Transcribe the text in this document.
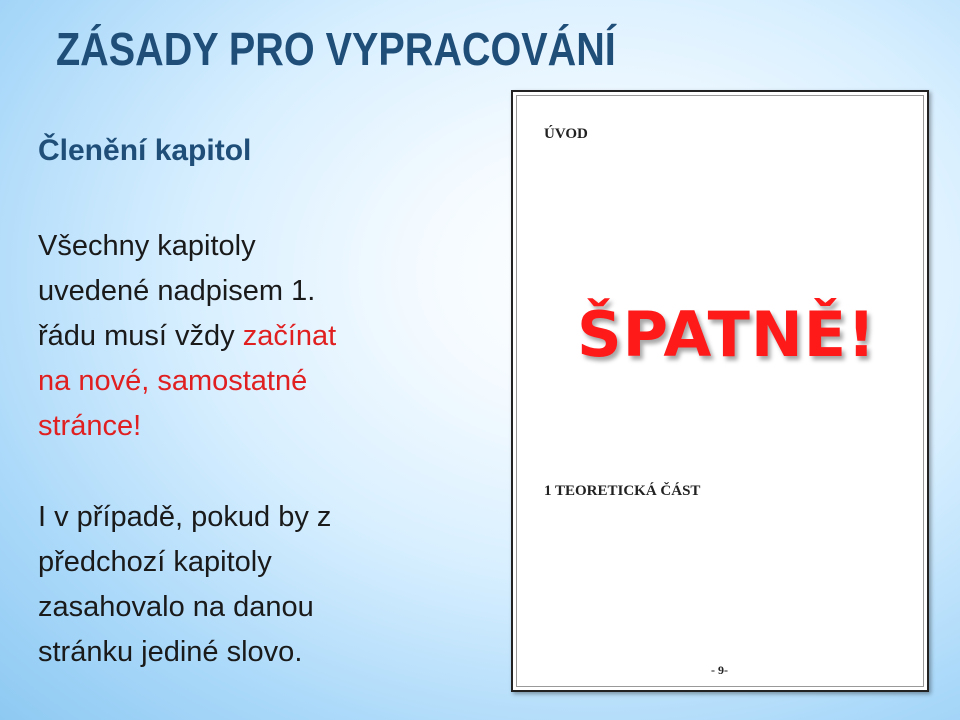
ZÁSADY PRO VYPRACOVÁNÍ
Členění kapitol

Všechny kapitoly
uvedené nadpisem 1.
řádu musí vždy začínat
na nové, samostatné
stránce!

I v případě, pokud by z
předchozí kapitoly
zasahovalo na danou
stránku jediné slovo.

ÚVOD
ŠPATNĚ!
1 TEORETICKÁ ČÁST
- 9-
